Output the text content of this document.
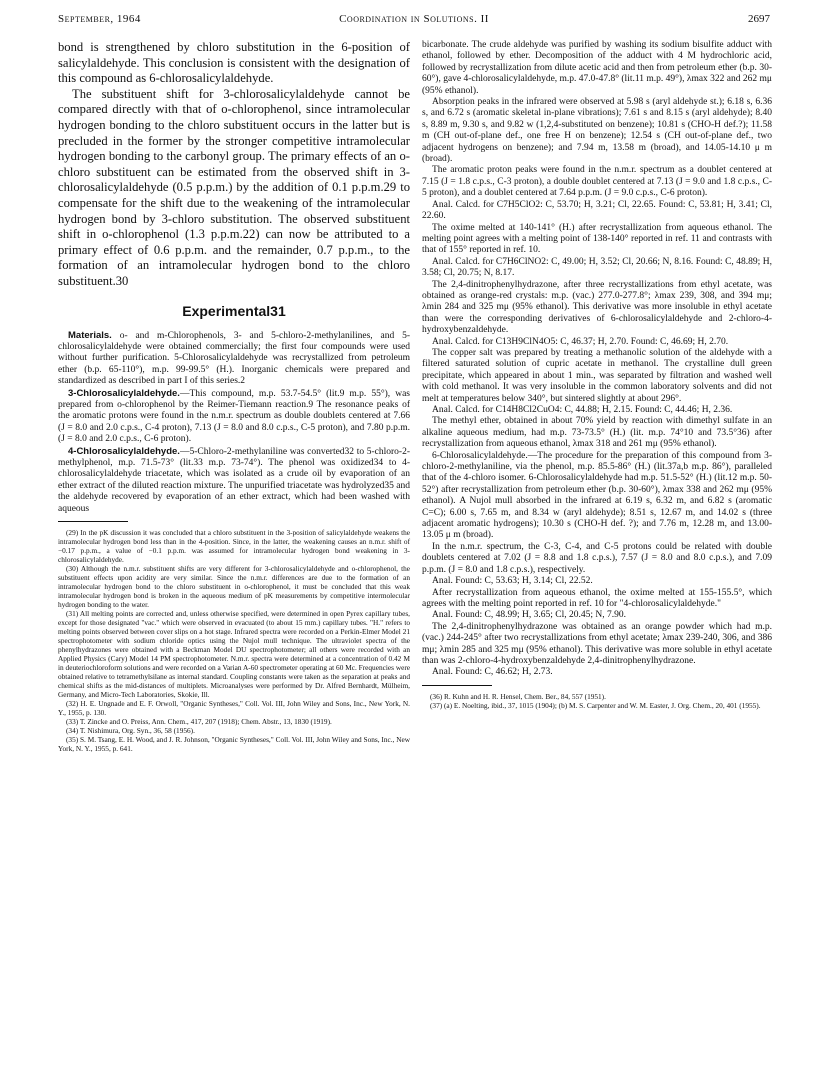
September, 1964	Coordination in Solutions. II	2697

bond is strengthened by chloro substitution in the 6-position of salicylaldehyde. This conclusion is consistent with the designation of this compound as 6-chlorosalicylaldehyde.

The substituent shift for 3-chlorosalicylaldehyde cannot be compared directly with that of o-chlorophenol, since intramolecular hydrogen bonding to the chloro substituent occurs in the latter but is precluded in the former by the stronger competitive intramolecular hydrogen bonding to the carbonyl group. The primary effects of an o-chloro substituent can be estimated from the observed shift in 3-chlorosalicylaldehyde (0.5 p.p.m.) by the addition of 0.1 p.p.m.29 to compensate for the shift due to the weakening of the intramolecular hydrogen bond by 3-chloro substitution. The observed substituent shift in o-chlorophenol (1.3 p.p.m.22) can now be attributed to a primary effect of 0.6 p.p.m. and the remainder, 0.7 p.p.m., to the formation of an intramolecular hydrogen bond to the chloro substituent.30

Experimental31

Materials. o- and m-Chlorophenols, 3- and 5-chloro-2-methylanilines, and 5-chlorosalicylaldehyde were obtained commercially; the first four compounds were used without further purification. 5-Chlorosalicylaldehyde was recrystallized from petroleum ether (b.p. 65-110°), m.p. 99-99.5° (H.). Inorganic chemicals were prepared and standardized as described in part I of this series.2

3-Chlorosalicylaldehyde.—This compound, m.p. 53.7-54.5° (lit.9 m.p. 55°), was prepared from o-chlorophenol by the Reimer-Tiemann reaction.9 The resonance peaks of the aromatic protons were found in the n.m.r. spectrum as double doublets centered at 7.66 (J = 8.0 and 2.0 c.p.s., C-4 proton), 7.13 (J = 8.0 and 8.0 c.p.s., C-5 proton), and 7.80 p.p.m. (J = 8.0 and 2.0 c.p.s., C-6 proton).

4-Chlorosalicylaldehyde.—5-Chloro-2-methylaniline was converted32 to 5-chloro-2-methylphenol, m.p. 71.5-73° (lit.33 m.p. 73-74°). The phenol was oxidized34 to 4-chlorosalicylaldehyde triacetate, which was isolated as a crude oil by evaporation of an ether extract of the diluted reaction mixture. The unpurified triacetate was hydrolyzed35 and the aldehyde recovered by evaporation of an ether extract, which had been washed with aqueous

(29) In the pK discussion it was concluded that a chloro substituent in the 3-position of salicylaldehyde weakens the intramolecular hydrogen bond less than in the 4-position. Since, in the latter, the weakening causes an n.m.r. shift of −0.17 p.p.m., a value of −0.1 p.p.m. was assumed for intramolecular hydrogen bond weakening in 3-chlorosalicylaldehyde.

(30) Although the n.m.r. substituent shifts are very different for 3-chlorosalicylaldehyde and o-chlorophenol, the substituent effects upon acidity are very similar. Since the n.m.r. differences are due to the formation of an intramolecular hydrogen bond to the chloro substituent in o-chlorophenol, it must be concluded that this weak intramolecular hydrogen bond is broken in the aqueous medium of pK measurements by competitive intermolecular hydrogen bonding to the water.

(31) All melting points are corrected and, unless otherwise specified, were determined in open Pyrex capillary tubes, except for those designated "vac." which were observed in evacuated (to about 15 mm.) capillary tubes. "H." refers to melting points observed between cover slips on a hot stage. Infrared spectra were recorded on a Perkin-Elmer Model 21 spectrophotometer with sodium chloride optics using the Nujol mull technique. The ultraviolet spectra of the phenylhydrazones were obtained with a Beckman Model DU spectrophotometer; all others were recorded with an Applied Physics (Cary) Model 14 PM spectrophotometer. N.m.r. spectra were determined at a concentration of 0.42 M in deuteriochloroform solutions and were recorded on a Varian A-60 spectrometer operating at 60 Mc. Frequencies were obtained relative to tetramethylsilane as internal standard. Coupling constants were taken as the separation at peaks and chemical shifts as the mid-distances of multiplets. Microanalyses were performed by Dr. Alfred Bernhardt, Mülheim, Germany, and Micro-Tech Laboratories, Skokie, Ill.

(32) H. E. Ungnade and E. F. Orwoll, "Organic Syntheses," Coll. Vol. III, John Wiley and Sons, Inc., New York, N. Y., 1955, p. 130.

(33) T. Zincke and O. Preiss, Ann. Chem., 417, 207 (1918); Chem. Abstr., 13, 1830 (1919).

(34) T. Nishimura, Org. Syn., 36, 58 (1956).

(35) S. M. Tsang, E. H. Wood, and J. R. Johnson, "Organic Syntheses," Coll. Vol. III, John Wiley and Sons, Inc., New York, N. Y., 1955, p. 641.

bicarbonate. The crude aldehyde was purified by washing its sodium bisulfite adduct with ethanol, followed by ether. Decomposition of the adduct with 4 M hydrochloric acid, followed by recrystallization from dilute acetic acid and then from petroleum ether (b.p. 30-60°), gave 4-chlorosalicylaldehyde, m.p. 47.0-47.8° (lit.11 m.p. 49°), λmax 322 and 262 mμ (95% ethanol).

Absorption peaks in the infrared were observed at 5.98 s (aryl aldehyde st.); 6.18 s, 6.36 s, and 6.72 s (aromatic skeletal in-plane vibrations); 7.61 s and 8.15 s (aryl aldehyde); 8.40 s, 8.89 m, 9.30 s, and 9.82 w (1,2,4-substituted on benzene); 10.81 s (CHO-H def.?); 11.58 m (CH out-of-plane def., one free H on benzene); 12.54 s (CH out-of-plane def., two adjacent hydrogens on benzene); and 7.94 m, 13.58 m (broad), and 14.05-14.10 μ m (broad).

The aromatic proton peaks were found in the n.m.r. spectrum as a doublet centered at 7.15 (J = 1.8 c.p.s., C-3 proton), a double doublet centered at 7.13 (J = 9.0 and 1.8 c.p.s., C-5 proton), and a doublet centered at 7.64 p.p.m. (J = 9.0 c.p.s., C-6 proton).

Anal. Calcd. for C7H5ClO2: C, 53.70; H, 3.21; Cl, 22.65. Found: C, 53.81; H, 3.41; Cl, 22.60.

The oxime melted at 140-141° (H.) after recrystallization from aqueous ethanol. The melting point agrees with a melting point of 138-140° reported in ref. 11 and contrasts with that of 155° reported in ref. 10.

Anal. Calcd. for C7H6ClNO2: C, 49.00; H, 3.52; Cl, 20.66; N, 8.16. Found: C, 48.89; H, 3.58; Cl, 20.75; N, 8.17.

The 2,4-dinitrophenylhydrazone, after three recrystallizations from ethyl acetate, was obtained as orange-red crystals: m.p. (vac.) 277.0-277.8°; λmax 239, 308, and 394 mμ; λmin 284 and 325 mμ (95% ethanol). This derivative was more insoluble in ethyl acetate than were the corresponding derivatives of 6-chlorosalicylaldehyde and 2-chloro-4-hydroxybenzaldehyde.

Anal. Calcd. for C13H9ClN4O5: C, 46.37; H, 2.70. Found: C, 46.69; H, 2.70.

The copper salt was prepared by treating a methanolic solution of the aldehyde with a filtered saturated solution of cupric acetate in methanol. The crystalline dull green precipitate, which appeared in about 1 min., was separated by filtration and washed well with cold methanol. It was very insoluble in the common laboratory solvents and did not melt at temperatures below 340°, but sintered slightly at about 296°.

Anal. Calcd. for C14H8Cl2CuO4: C, 44.88; H, 2.15. Found: C, 44.46; H, 2.36.

The methyl ether, obtained in about 70% yield by reaction with dimethyl sulfate in an alkaline aqueous medium, had m.p. 73-73.5° (H.) (lit. m.p. 74°10 and 73.5°36) after recrystallization from aqueous ethanol, λmax 318 and 261 mμ (95% ethanol).

6-Chlorosalicylaldehyde.—The procedure for the preparation of this compound from 3-chloro-2-methylaniline, via the phenol, m.p. 85.5-86° (H.) (lit.37a,b m.p. 86°), paralleled that of the 4-chloro isomer. 6-Chlorosalicylaldehyde had m.p. 51.5-52° (H.) (lit.12 m.p. 50-52°) after recrystallization from petroleum ether (b.p. 30-60°), λmax 338 and 262 mμ (95% ethanol). A Nujol mull absorbed in the infrared at 6.19 s, 6.32 m, and 6.82 s (aromatic C=C); 6.00 s, 7.65 m, and 8.34 w (aryl aldehyde); 8.51 s, 12.67 m, and 14.02 s (three adjacent aromatic hydrogens); 10.30 s (CHO-H def. ?); and 7.76 m, 12.28 m, and 13.00-13.05 μ m (broad).

In the n.m.r. spectrum, the C-3, C-4, and C-5 protons could be related with double doublets centered at 7.02 (J = 8.8 and 1.8 c.p.s.), 7.57 (J = 8.0 and 8.0 c.p.s.), and 7.09 p.p.m. (J = 8.0 and 1.8 c.p.s.), respectively.

Anal. Found: C, 53.63; H, 3.14; Cl, 22.52.

After recrystallization from aqueous ethanol, the oxime melted at 155-155.5°, which agrees with the melting point reported in ref. 10 for "4-chlorosalicylaldehyde."

Anal. Found: C, 48.99; H, 3.65; Cl, 20.45; N, 7.90.

The 2,4-dinitrophenylhydrazone was obtained as an orange powder which had m.p. (vac.) 244-245° after two recrystallizations from ethyl acetate; λmax 239-240, 306, and 386 mμ; λmin 285 and 325 mμ (95% ethanol). This derivative was more soluble in ethyl acetate than was 2-chloro-4-hydroxybenzaldehyde 2,4-dinitrophenylhydrazone.

Anal. Found: C, 46.62; H, 2.73.

(36) R. Kuhn and H. R. Hensel, Chem. Ber., 84, 557 (1951).

(37) (a) E. Noelting, ibid., 37, 1015 (1904); (b) M. S. Carpenter and W. M. Easter, J. Org. Chem., 20, 401 (1955).
